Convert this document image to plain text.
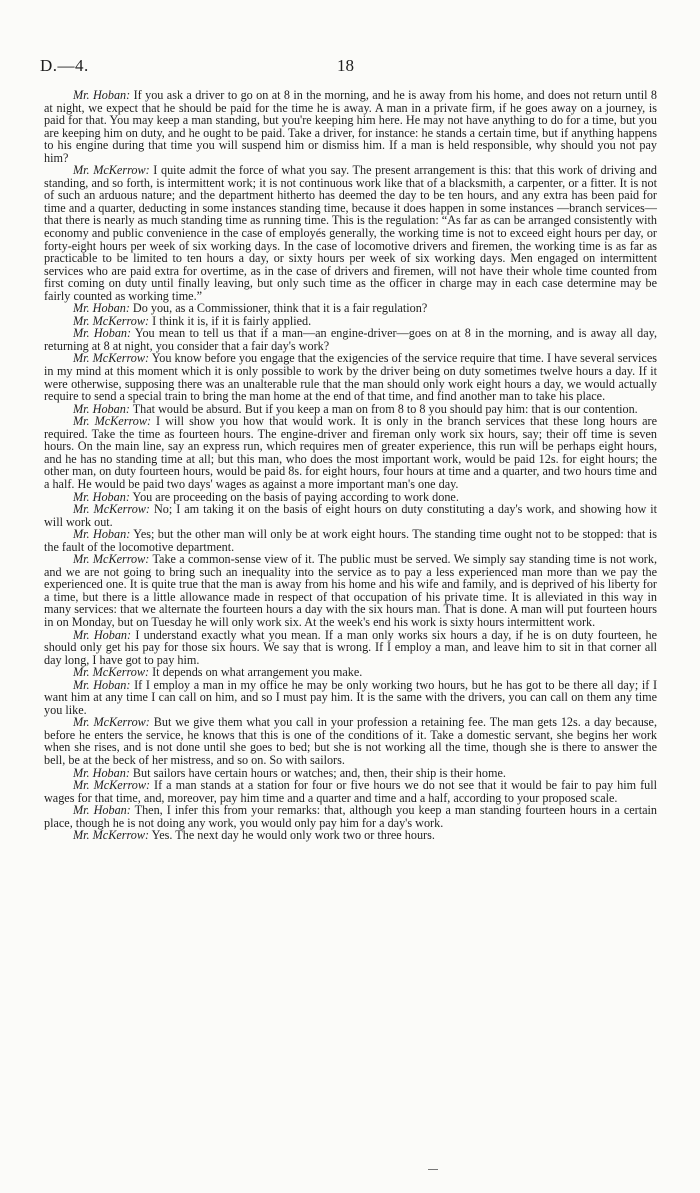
D.—4.	18

Mr. Hoban: If you ask a driver to go on at 8 in the morning, and he is away from his home, and does not return until 8 at night, we expect that he should be paid for the time he is away. A man in a private firm, if he goes away on a journey, is paid for that. You may keep a man standing, but you're keeping him here. He may not have anything to do for a time, but you are keeping him on duty, and he ought to be paid. Take a driver, for instance: he stands a certain time, but if anything happens to his engine during that time you will suspend him or dismiss him. If a man is held responsible, why should you not pay him?

Mr. McKerrow: I quite admit the force of what you say. The present arrangement is this: that this work of driving and standing, and so forth, is intermittent work; it is not continuous work like that of a blacksmith, a carpenter, or a fitter. It is not of such an arduous nature; and the department hitherto has deemed the day to be ten hours, and any extra has been paid for time and a quarter, deducting in some instances standing time, because it does happen in some instances —branch services—that there is nearly as much standing time as running time. This is the regulation: “As far as can be arranged consistently with economy and public convenience in the case of employés generally, the working time is not to exceed eight hours per day, or forty-eight hours per week of six working days. In the case of locomotive drivers and firemen, the working time is as far as practicable to be limited to ten hours a day, or sixty hours per week of six working days. Men engaged on intermittent services who are paid extra for overtime, as in the case of drivers and firemen, will not have their whole time counted from first coming on duty until finally leaving, but only such time as the officer in charge may in each case determine may be fairly counted as working time.”

Mr. Hoban: Do you, as a Commissioner, think that it is a fair regulation?

Mr. McKerrow: I think it is, if it is fairly applied.

Mr. Hoban: You mean to tell us that if a man—an engine-driver—goes on at 8 in the morning, and is away all day, returning at 8 at night, you consider that a fair day's work?

Mr. McKerrow: You know before you engage that the exigencies of the service require that time. I have several services in my mind at this moment which it is only possible to work by the driver being on duty sometimes twelve hours a day. If it were otherwise, supposing there was an unalterable rule that the man should only work eight hours a day, we would actually require to send a special train to bring the man home at the end of that time, and find another man to take his place.

Mr. Hoban: That would be absurd. But if you keep a man on from 8 to 8 you should pay him: that is our contention.

Mr. McKerrow: I will show you how that would work. It is only in the branch services that these long hours are required. Take the time as fourteen hours. The engine-driver and fireman only work six hours, say; their off time is seven hours. On the main line, say an express run, which requires men of greater experience, this run will be perhaps eight hours, and he has no standing time at all; but this man, who does the most important work, would be paid 12s. for eight hours; the other man, on duty fourteen hours, would be paid 8s. for eight hours, four hours at time and a quarter, and two hours time and a half. He would be paid two days' wages as against a more important man's one day.

Mr. Hoban: You are proceeding on the basis of paying according to work done.

Mr. McKerrow: No; I am taking it on the basis of eight hours on duty constituting a day's work, and showing how it will work out.

Mr. Hoban: Yes; but the other man will only be at work eight hours. The standing time ought not to be stopped: that is the fault of the locomotive department.

Mr. McKerrow: Take a common-sense view of it. The public must be served. We simply say standing time is not work, and we are not going to bring such an inequality into the service as to pay a less experienced man more than we pay the experienced one. It is quite true that the man is away from his home and his wife and family, and is deprived of his liberty for a time, but there is a little allowance made in respect of that occupation of his private time. It is alleviated in this way in many services: that we alternate the fourteen hours a day with the six hours man. That is done. A man will put fourteen hours in on Monday, but on Tuesday he will only work six. At the week's end his work is sixty hours intermittent work.

Mr. Hoban: I understand exactly what you mean. If a man only works six hours a day, if he is on duty fourteen, he should only get his pay for those six hours. We say that is wrong. If I employ a man, and leave him to sit in that corner all day long, I have got to pay him.

Mr. McKerrow: It depends on what arrangement you make.

Mr. Hoban: If I employ a man in my office he may be only working two hours, but he has got to be there all day; if I want him at any time I can call on him, and so I must pay him. It is the same with the drivers, you can call on them any time you like.

Mr. McKerrow: But we give them what you call in your profession a retaining fee. The man gets 12s. a day because, before he enters the service, he knows that this is one of the conditions of it. Take a domestic servant, she begins her work when she rises, and is not done until she goes to bed; but she is not working all the time, though she is there to answer the bell, be at the beck of her mistress, and so on. So with sailors.

Mr. Hoban: But sailors have certain hours or watches; and, then, their ship is their home.

Mr. McKerrow: If a man stands at a station for four or five hours we do not see that it would be fair to pay him full wages for that time, and, moreover, pay him time and a quarter and time and a half, according to your proposed scale.

Mr. Hoban: Then, I infer this from your remarks: that, although you keep a man standing fourteen hours in a certain place, though he is not doing any work, you would only pay him for a day's work.

Mr. McKerrow: Yes. The next day he would only work two or three hours.
